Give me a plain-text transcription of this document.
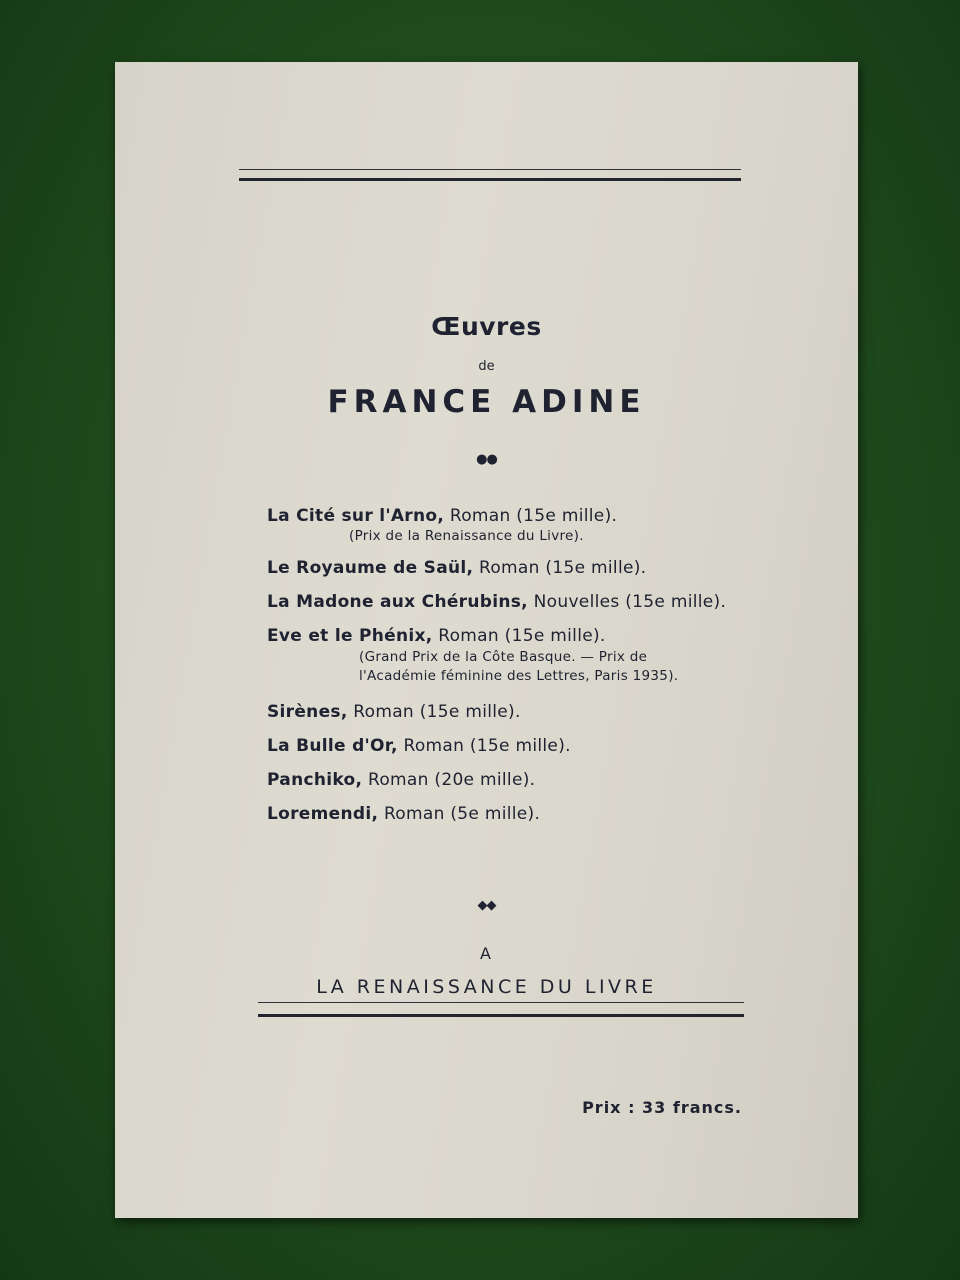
Œuvres
de
FRANCE ADINE
●●
La Cité sur l'Arno, Roman (15e mille).
(Prix de la Renaissance du Livre).
Le Royaume de Saül, Roman (15e mille).
La Madone aux Chérubins, Nouvelles (15e mille).
Eve et le Phénix, Roman (15e mille).
(Grand Prix de la Côte Basque. — Prix de
l'Académie féminine des Lettres, Paris 1935).
Sirènes, Roman (15e mille).
La Bulle d'Or, Roman (15e mille).
Panchiko, Roman (20e mille).
Loremendi, Roman (5e mille).
◆◆
A
LA RENAISSANCE DU LIVRE
Prix : 33 francs.
